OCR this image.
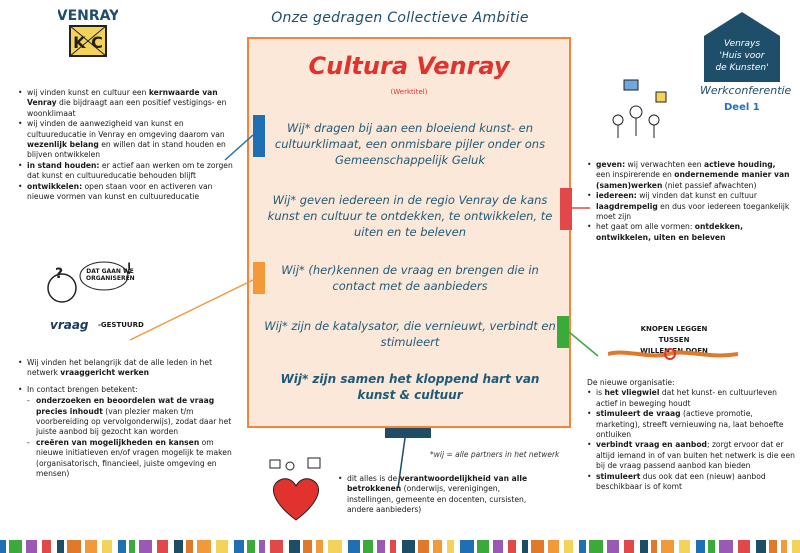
Onze gedragen Collectieve Ambitie
VENRAY
K C	Venrays
'Huis voor
de Kunsten'
Werkconferentie
Deel 1
Cultura Venray
(Werktitel)
Wij* dragen bij aan een bloeiend kunst- en cultuurklimaat, een onmisbare pijler onder ons Gemeenschappelijk Geluk
Wij* geven iedereen in de regio Venray de kans kunst en cultuur te ontdekken, te ontwikkelen, te uiten en te beleven
Wij* (her)kennen de vraag en brengen die in contact met de aanbieders
Wij* zijn de katalysator, die vernieuwt, verbindt en stimuleert
Wij* zijn samen het kloppend hart van kunst & cultuur
*wij = alle partners in het netwerk
• wij vinden kunst en cultuur een kernwaarde van Venray die bijdraagt aan een positief vestigings- en woonklimaat
• wij vinden de aanwezigheid van kunst en cultuureducatie in Venray en omgeving daarom van wezenlijk belang en willen dat in stand houden en blijven ontwikkelen
• in stand houden: er actief aan werken om te zorgen dat kunst en cultuureducatie behouden blijft
• ontwikkelen: open staan voor en activeren van nieuwe vormen van kunst en cultuureducatie
?	DAT GAAN WE ORGANISEREN
vraag -GESTUURD
• Wij vinden het belangrijk dat de alle leden in het netwerk vraaggericht werken
• In contact brengen betekent:
- onderzoeken en beoordelen wat de vraag precies inhoudt (van plezier maken t/m voorbereiding op vervolgonderwijs), zodat daar het juiste aanbod bij gezocht kan worden
- creëren van mogelijkheden en kansen om nieuwe initiatieven en/of vragen mogelijk te maken (organisatorisch, financieel, juiste omgeving en mensen)
• geven: wij verwachten een actieve houding, een inspirerende en ondernemende manier van (samen)werken (niet passief afwachten)
• iedereen: wij vinden dat kunst en cultuur laagdrempelig en dus voor iedereen toegankelijk moet zijn
• het gaat om alle vormen: ontdekken, ontwikkelen, uiten en beleven
KNOPEN LEGGEN TUSSEN
WILLEN EN DOEN
De nieuwe organisatie:
• is het vliegwiel dat het kunst- en cultuurleven actief in beweging houdt
• stimuleert de vraag (actieve promotie, marketing), streeft vernieuwing na, laat behoefte ontluiken
• verbindt vraag en aanbod; zorgt ervoor dat er altijd iemand in of van buiten het netwerk is die een bij de vraag passend aanbod kan bieden
• stimuleert dus ook dat een (nieuw) aanbod beschikbaar is of komt
• dit alles is de verantwoordelijkheid van alle betrokkenen (onderwijs, verenigingen, instellingen, gemeente en docenten, cursisten, andere aanbieders)
